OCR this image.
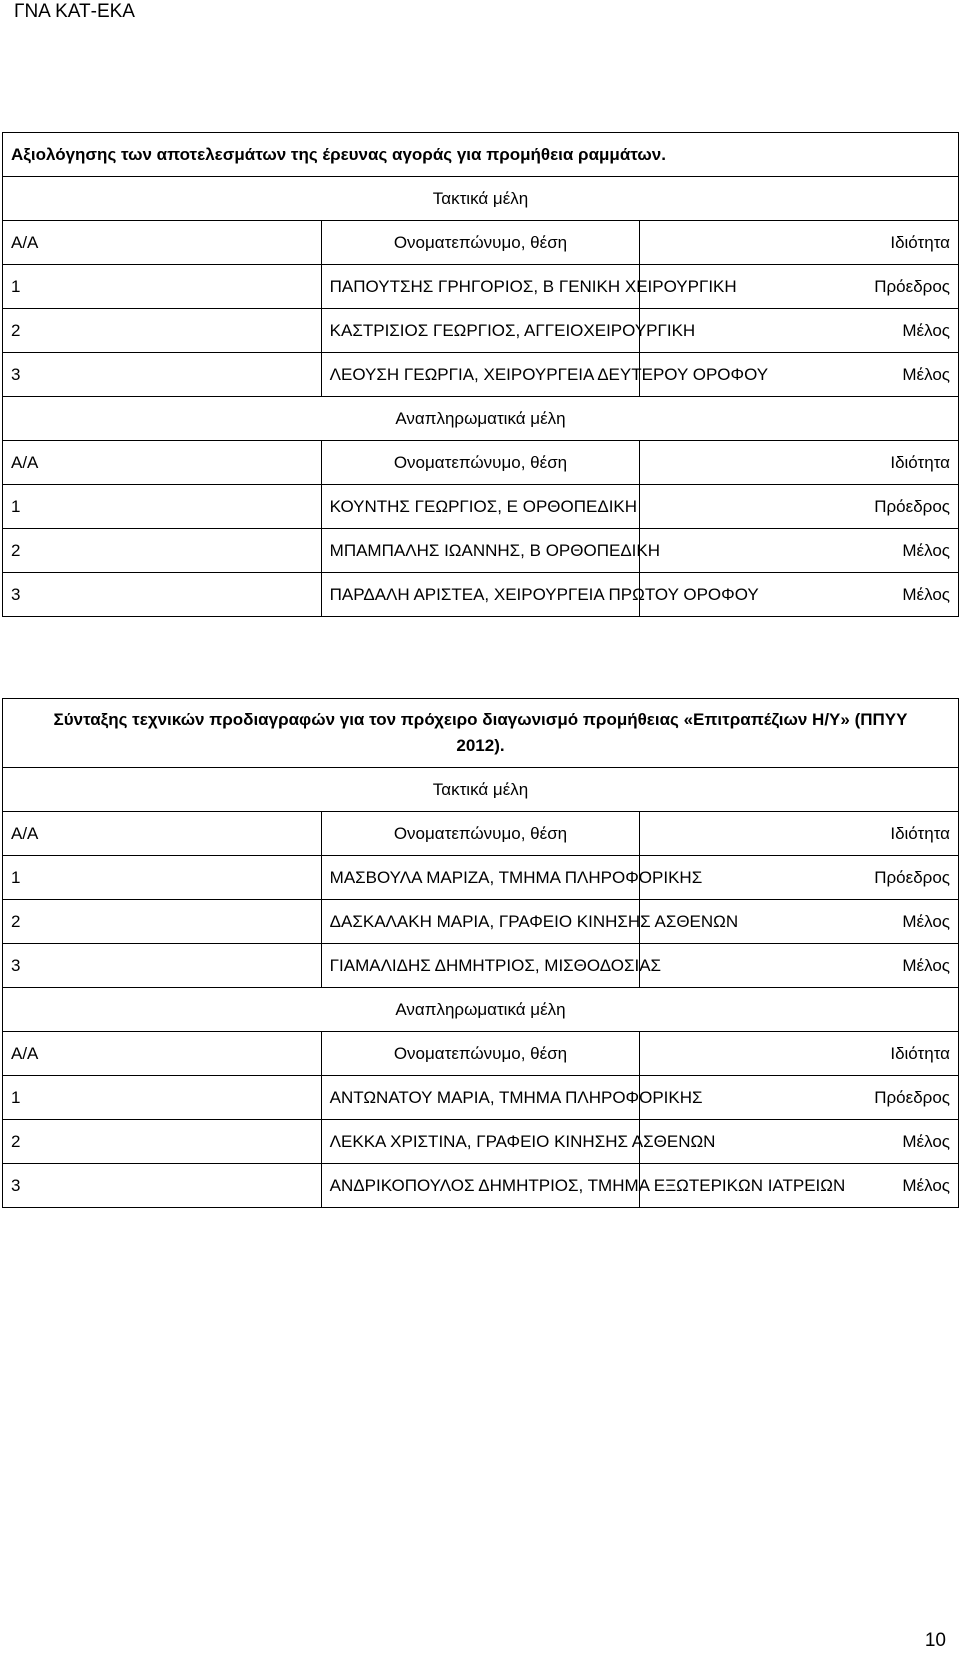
ΓΝΑ ΚΑΤ-ΕΚΑ
Αξιολόγησης των αποτελεσμάτων της έρευνας αγοράς για προμήθεια ραμμάτων.		
Τακτικά μέλη		
Α/Α	Ονοματεπώνυμο, θέση	Ιδιότητα
1	ΠΑΠΟΥΤΣΗΣ ΓΡΗΓΟΡΙΟΣ, Β ΓΕΝΙΚΗ ΧΕΙΡΟΥΡΓΙΚΗ	Πρόεδρος
2	ΚΑΣΤΡΙΣΙΟΣ ΓΕΩΡΓΙΟΣ, ΑΓΓΕΙΟΧΕΙΡΟΥΡΓΙΚΗ	Μέλος
3	ΛΕΟΥΣΗ ΓΕΩΡΓΙΑ, ΧΕΙΡΟΥΡΓΕΙΑ ΔΕΥΤΕΡΟΥ ΟΡΟΦΟΥ	Μέλος
Αναπληρωματικά μέλη		
Α/Α	Ονοματεπώνυμο, θέση	Ιδιότητα
1	ΚΟΥΝΤΗΣ ΓΕΩΡΓΙΟΣ, Ε ΟΡΘΟΠΕΔΙΚΗ	Πρόεδρος
2	ΜΠΑΜΠΑΛΗΣ ΙΩΑΝΝΗΣ, Β ΟΡΘΟΠΕΔΙΚΗ	Μέλος
3	ΠΑΡΔΑΛΗ ΑΡΙΣΤΕΑ, ΧΕΙΡΟΥΡΓΕΙΑ ΠΡΩΤΟΥ ΟΡΟΦΟΥ	Μέλος
Σύνταξης τεχνικών προδιαγραφών για τον πρόχειρο διαγωνισμό προμήθειας «Επιτραπέζιων Η/Υ» (ΠΠΥΥ 2012).		
Τακτικά μέλη		
Α/Α	Ονοματεπώνυμο, θέση	Ιδιότητα
1	ΜΑΣΒΟΥΛΑ ΜΑΡΙΖΑ, ΤΜΗΜΑ ΠΛΗΡΟΦΟΡΙΚΗΣ	Πρόεδρος
2	ΔΑΣΚΑΛΑΚΗ ΜΑΡΙΑ, ΓΡΑΦΕΙΟ ΚΙΝΗΣΗΣ ΑΣΘΕΝΩΝ	Μέλος
3	ΓΙΑΜΑΛΙΔΗΣ ΔΗΜΗΤΡΙΟΣ, ΜΙΣΘΟΔΟΣΙΑΣ	Μέλος
Αναπληρωματικά μέλη		
Α/Α	Ονοματεπώνυμο, θέση	Ιδιότητα
1	ΑΝΤΩΝΑΤΟΥ ΜΑΡΙΑ, ΤΜΗΜΑ ΠΛΗΡΟΦΟΡΙΚΗΣ	Πρόεδρος
2	ΛΕΚΚΑ ΧΡΙΣΤΙΝΑ, ΓΡΑΦΕΙΟ ΚΙΝΗΣΗΣ ΑΣΘΕΝΩΝ	Μέλος
3	ΑΝΔΡΙΚΟΠΟΥΛΟΣ ΔΗΜΗΤΡΙΟΣ, ΤΜΗΜΑ ΕΞΩΤΕΡΙΚΩΝ ΙΑΤΡΕΙΩΝ	Μέλος
10
